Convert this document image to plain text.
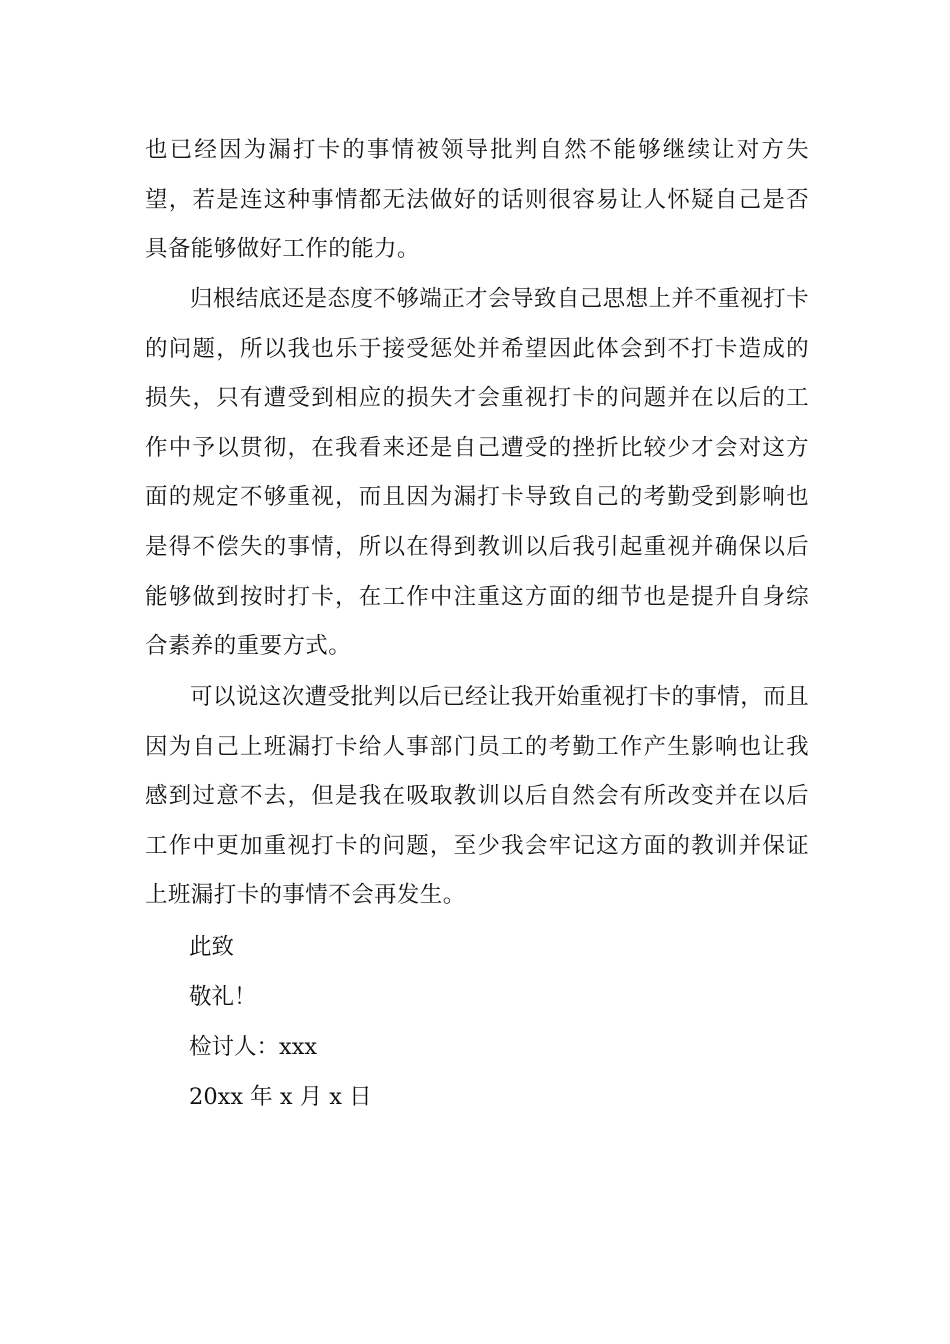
也已经因为漏打卡的事情被领导批判自然不能够继续让对方失望，若是连这种事情都无法做好的话则很容易让人怀疑自己是否具备能够做好工作的能力。

归根结底还是态度不够端正才会导致自己思想上并不重视打卡的问题，所以我也乐于接受惩处并希望因此体会到不打卡造成的损失，只有遭受到相应的损失才会重视打卡的问题并在以后的工作中予以贯彻，在我看来还是自己遭受的挫折比较少才会对这方面的规定不够重视，而且因为漏打卡导致自己的考勤受到影响也是得不偿失的事情，所以在得到教训以后我引起重视并确保以后能够做到按时打卡，在工作中注重这方面的细节也是提升自身综合素养的重要方式。

可以说这次遭受批判以后已经让我开始重视打卡的事情，而且因为自己上班漏打卡给人事部门员工的考勤工作产生影响也让我感到过意不去，但是我在吸取教训以后自然会有所改变并在以后工作中更加重视打卡的问题，至少我会牢记这方面的教训并保证上班漏打卡的事情不会再发生。

此致
敬礼！
检讨人：xxx
20xx 年 x 月 x 日
